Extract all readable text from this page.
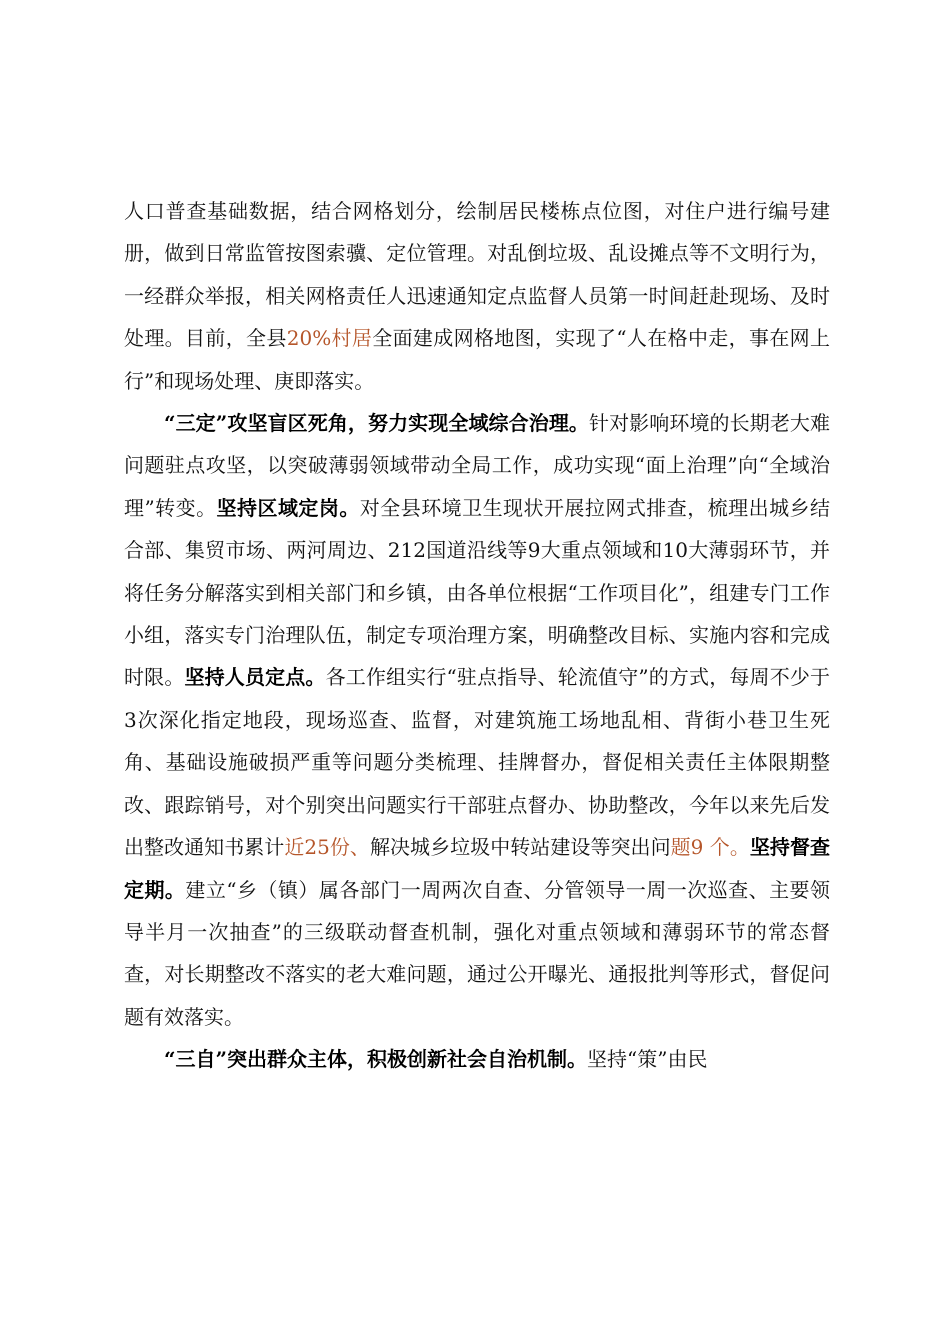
人口普查基础数据，结合网格划分，绘制居民楼栋点位图，对住户进行编号建册，做到日常监管按图索骥、定位管理。对乱倒垃圾、乱设摊点等不文明行为，一经群众举报，相关网格责任人迅速通知定点监督人员第一时间赶赴现场、及时处理。目前，全县20%村居全面建成网格地图，实现了“人在格中走，事在网上行”和现场处理、庚即落实。

“三定”攻坚盲区死角，努力实现全域综合治理。针对影响环境的长期老大难问题驻点攻坚，以突破薄弱领域带动全局工作，成功实现“面上治理”向“全域治理”转变。坚持区域定岗。对全县环境卫生现状开展拉网式排查，梳理出城乡结合部、集贸市场、两河周边、212国道沿线等9大重点领域和10大薄弱环节，并将任务分解落实到相关部门和乡镇，由各单位根据“工作项目化”，组建专门工作小组，落实专门治理队伍，制定专项治理方案，明确整改目标、实施内容和完成时限。坚持人员定点。各工作组实行“驻点指导、轮流值守”的方式，每周不少于3次深化指定地段，现场巡查、监督，对建筑施工场地乱相、背街小巷卫生死角、基础设施破损严重等问题分类梳理、挂牌督办，督促相关责任主体限期整改、跟踪销号，对个别突出问题实行干部驻点督办、协助整改，今年以来先后发出整改通知书累计近25份、解决城乡垃圾中转站建设等突出问题9 个。坚持督查定期。建立“乡（镇）属各部门一周两次自查、分管领导一周一次巡查、主要领导半月一次抽查”的三级联动督查机制，强化对重点领域和薄弱环节的常态督查，对长期整改不落实的老大难问题，通过公开曝光、通报批判等形式，督促问题有效落实。

“三自”突出群众主体，积极创新社会自治机制。坚持“策”由民
